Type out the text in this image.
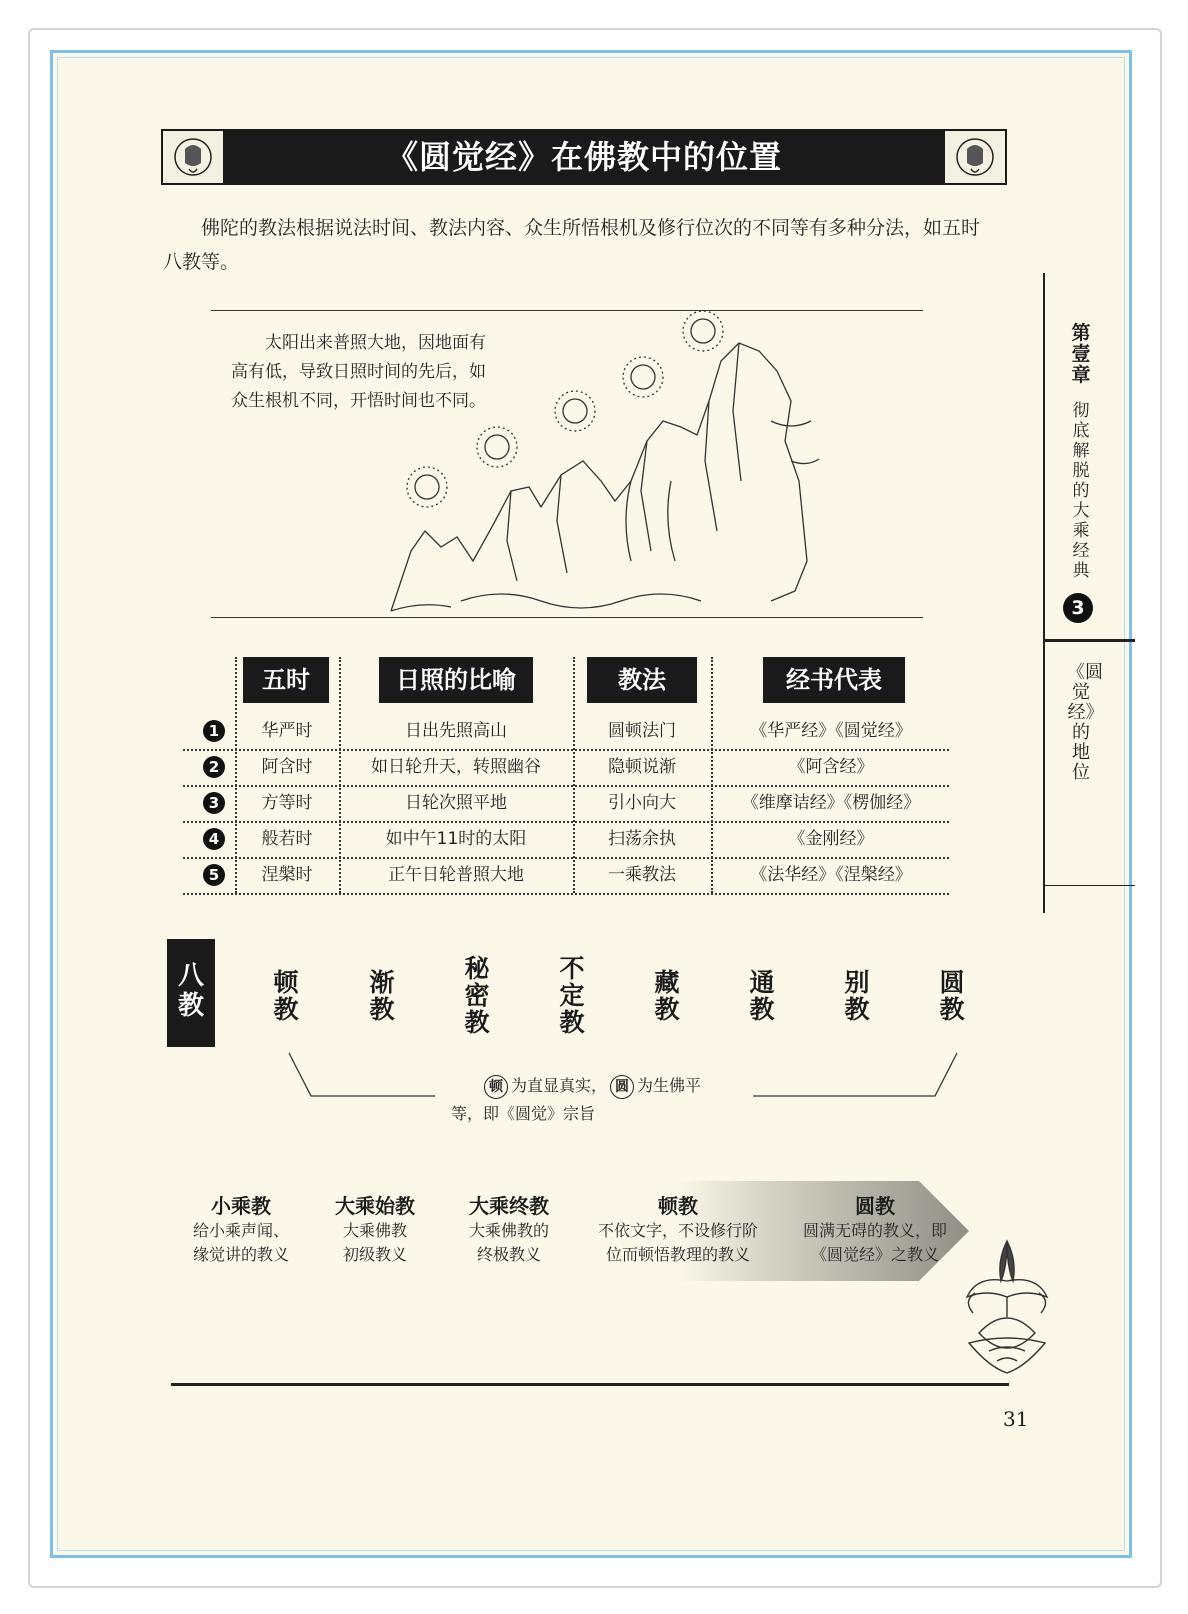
《圆觉经》在佛教中的位置
佛陀的教法根据说法时间、教法内容、众生所悟根机及修行位次的不同等有多种分法，如五时八教等。
太阳出来普照大地，因地面有高有低，导致日照时间的先后，如众生根机不同，开悟时间也不同。
第壹章
彻底解脱的大乘经典
3
《圆觉经》的地位
五时	日照的比喻	教法	经书代表
1	华严时	日出先照高山	圆顿法门	《华严经》《圆觉经》
2	阿含时	如日轮升天，转照幽谷	隐顿说渐	《阿含经》
3	方等时	日轮次照平地	引小向大	《维摩诘经》《楞伽经》
4	般若时	如中午11时的太阳	扫荡余执	《金刚经》
5	涅槃时	正午日轮普照大地	一乘教法	《法华经》《涅槃经》
八教
顿教
渐教
秘密教
不定教
藏教
通教
别教
圆教
顿 为直显真实， 圆 为生佛平
等，即《圆觉》宗旨
小乘教
给小乘声闻、
缘觉讲的教义
大乘始教
大乘佛教
初级教义
大乘终教
大乘佛教的
终极教义
顿教
不依文字，不设修行阶
位而顿悟教理的教义
圆教
圆满无碍的教义，即
《圆觉经》之教义
31
